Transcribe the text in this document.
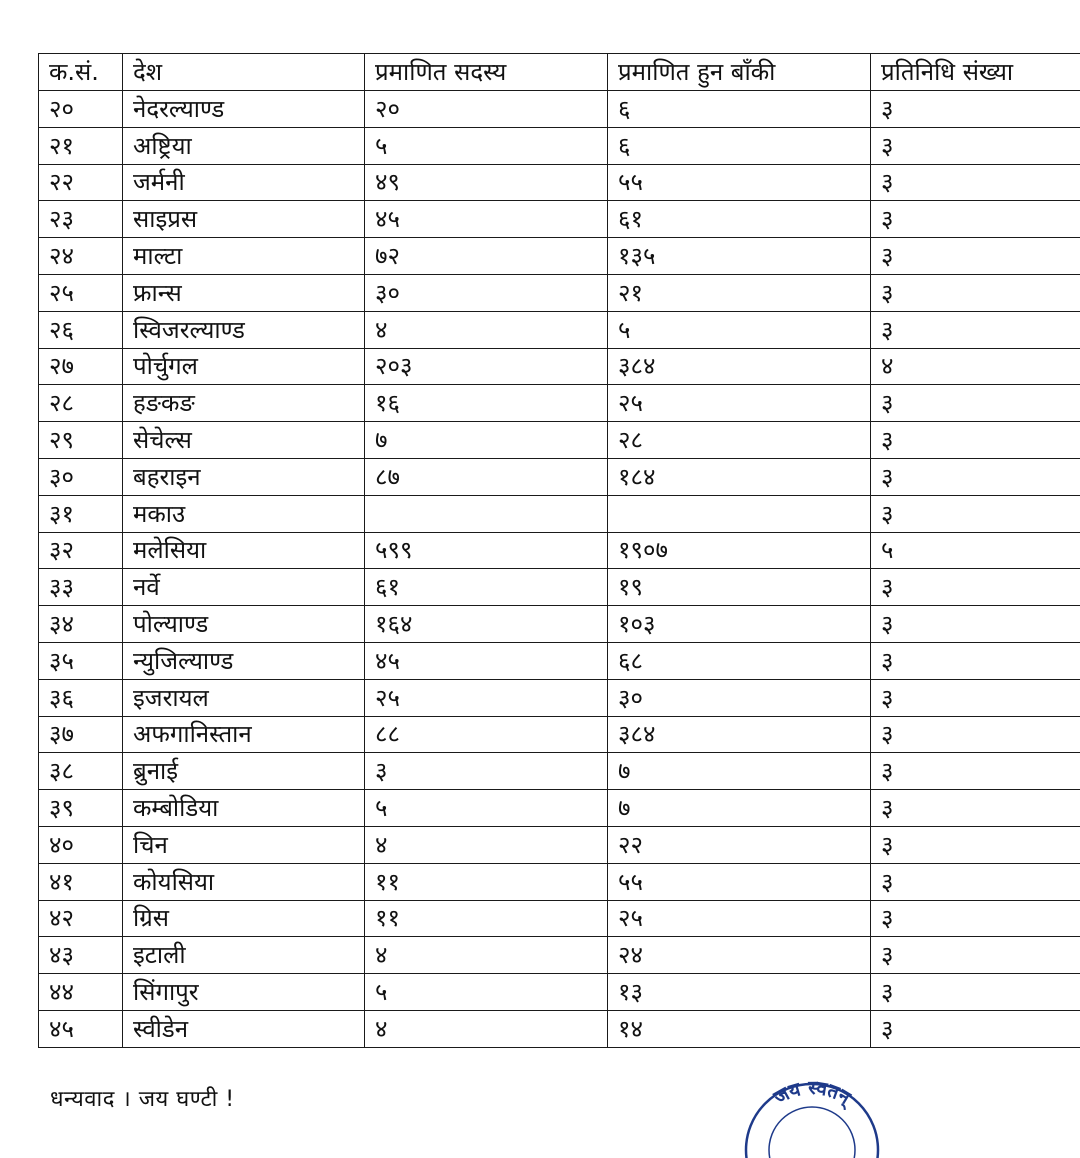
क.सं.	देश	प्रमाणित सदस्य	प्रमाणित हुन बाँकी	प्रतिनिधि संख्या
२०	नेदरल्याण्ड	२०	६	३
२१	अष्ट्रिया	५	६	३
२२	जर्मनी	४९	५५	३
२३	साइप्रस	४५	६१	३
२४	माल्टा	७२	१३५	३
२५	फ्रान्स	३०	२१	३
२६	स्विजरल्याण्ड	४	५	३
२७	पोर्चुगल	२०३	३८४	४
२८	हङकङ	१६	२५	३
२९	सेचेल्स	७	२८	३
३०	बहराइन	८७	१८४	३
३१	मकाउ			३
३२	मलेसिया	५९९	१९०७	५
३३	नर्वे	६१	१९	३
३४	पोल्याण्ड	१६४	१०३	३
३५	न्युजिल्याण्ड	४५	६८	३
३६	इजरायल	२५	३०	३
३७	अफगानिस्तान	८८	३८४	३
३८	ब्रुनाई	३	७	३
३९	कम्बोडिया	५	७	३
४०	चिन	४	२२	३
४१	कोयसिया	११	५५	३
४२	ग्रिस	११	२५	३
४३	इटाली	४	२४	३
४४	सिंगापुर	५	१३	३
४५	स्वीडेन	४	१४	३
धन्यवाद । जय घण्टी !	जय स्वतन्
